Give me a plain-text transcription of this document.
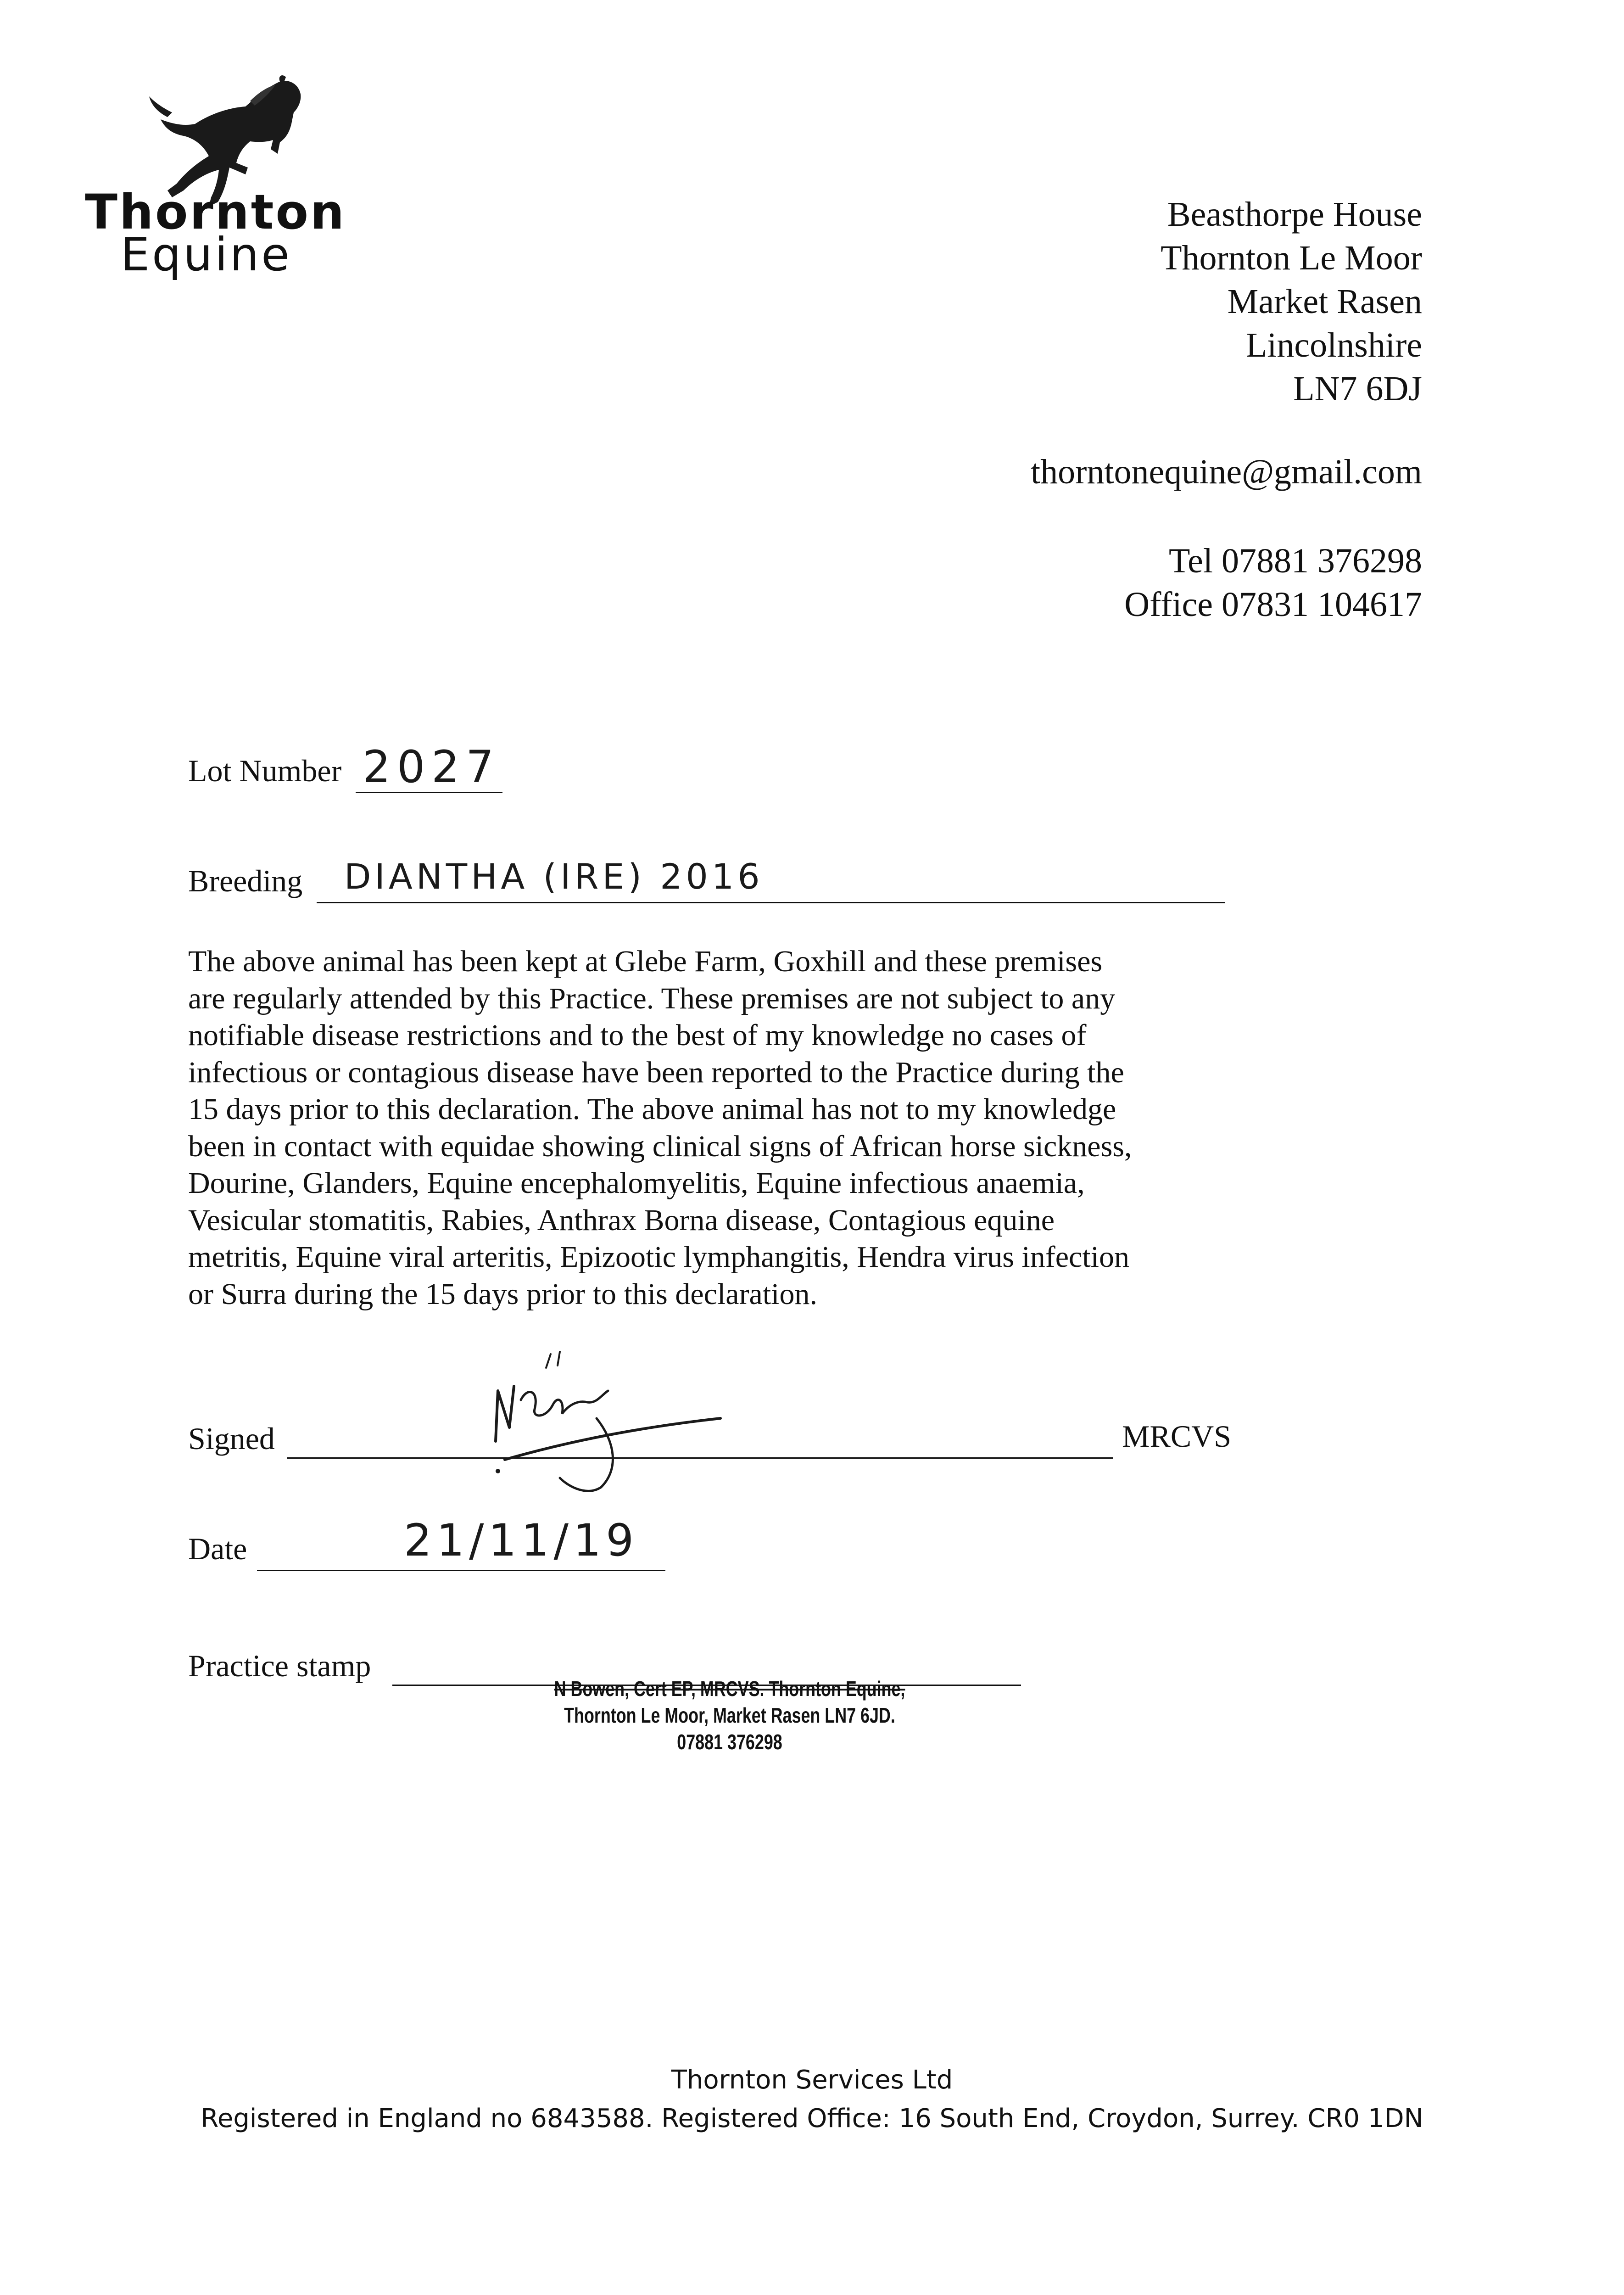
Thornton
Equine
Beasthorpe House
Thornton Le Moor
Market Rasen
Lincolnshire
LN7 6DJ
thorntonequine@gmail.com
Tel 07881 376298
Office 07831 104617
Lot Number 2027
Breeding DIANTHA (IRE) 2016
The above animal has been kept at Glebe Farm, Goxhill and these premises are regularly attended by this Practice. These premises are not subject to any notifiable disease restrictions and to the best of my knowledge no cases of infectious or contagious disease have been reported to the Practice during the 15 days prior to this declaration. The above animal has not to my knowledge been in contact with equidae showing clinical signs of African horse sickness, Dourine, Glanders, Equine encephalomyelitis, Equine infectious anaemia, Vesicular stomatitis, Rabies, Anthrax Borna disease, Contagious equine metritis, Equine viral arteritis, Epizootic lymphangitis, Hendra virus infection or Surra during the 15 days prior to this declaration.
Signed	MRCVS
Date	21/11/19
Practice stamp
N Bowen, Cert EP, MRCVS. Thornton Equine,
Thornton Le Moor, Market Rasen LN7 6JD.
07881 376298
Thornton Services Ltd
Registered in England no 6843588. Registered Office: 16 South End, Croydon, Surrey. CR0 1DN
